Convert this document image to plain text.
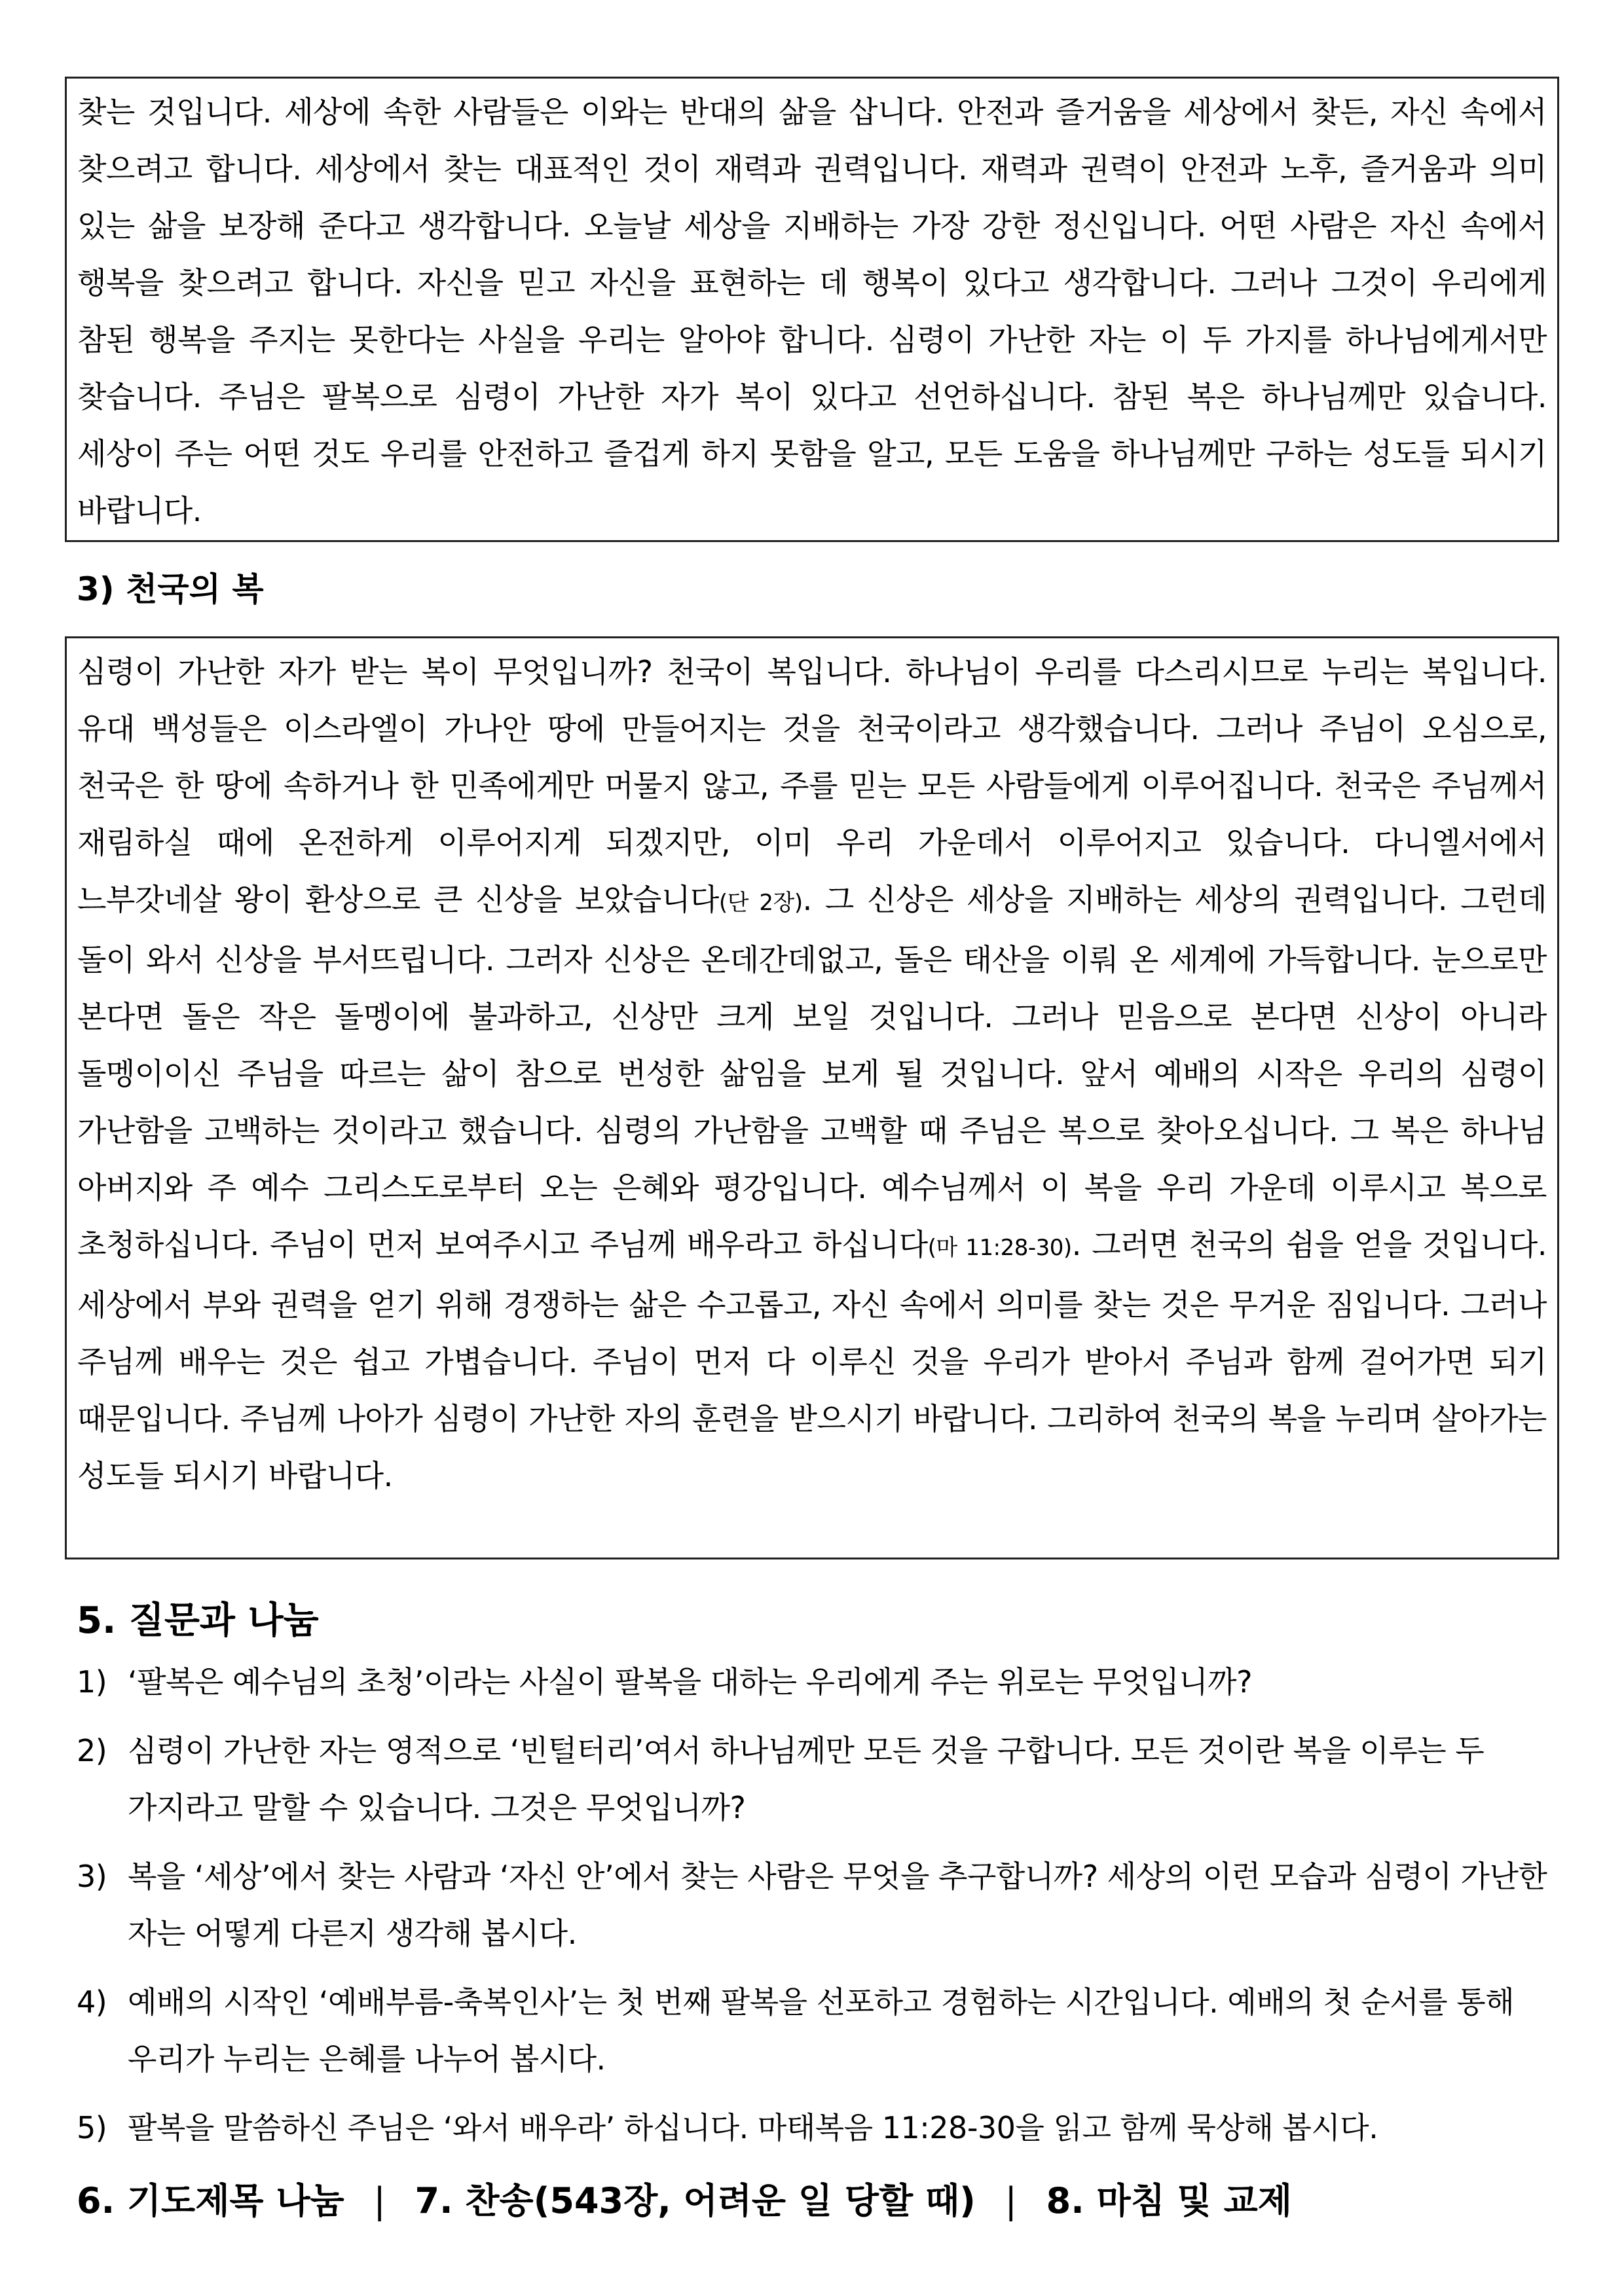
찾는 것입니다. 세상에 속한 사람들은 이와는 반대의 삶을 삽니다. 안전과 즐거움을 세상에서 찾든, 자신 속에서 찾으려고 합니다. 세상에서 찾는 대표적인 것이 재력과 권력입니다. 재력과 권력이 안전과 노후, 즐거움과 의미 있는 삶을 보장해 준다고 생각합니다. 오늘날 세상을 지배하는 가장 강한 정신입니다. 어떤 사람은 자신 속에서 행복을 찾으려고 합니다. 자신을 믿고 자신을 표현하는 데 행복이 있다고 생각합니다. 그러나 그것이 우리에게 참된 행복을 주지는 못한다는 사실을 우리는 알아야 합니다. 심령이 가난한 자는 이 두 가지를 하나님에게서만 찾습니다. 주님은 팔복으로 심령이 가난한 자가 복이 있다고 선언하십니다. 참된 복은 하나님께만 있습니다. 세상이 주는 어떤 것도 우리를 안전하고 즐겁게 하지 못함을 알고, 모든 도움을 하나님께만 구하는 성도들 되시기 바랍니다.
3) 천국의 복
심령이 가난한 자가 받는 복이 무엇입니까? 천국이 복입니다. 하나님이 우리를 다스리시므로 누리는 복입니다. 유대 백성들은 이스라엘이 가나안 땅에 만들어지는 것을 천국이라고 생각했습니다. 그러나 주님이 오심으로, 천국은 한 땅에 속하거나 한 민족에게만 머물지 않고, 주를 믿는 모든 사람들에게 이루어집니다. 천국은 주님께서 재림하실 때에 온전하게 이루어지게 되겠지만, 이미 우리 가운데서 이루어지고 있습니다. 다니엘서에서 느부갓네살 왕이 환상으로 큰 신상을 보았습니다(단 2장). 그 신상은 세상을 지배하는 세상의 권력입니다. 그런데 돌이 와서 신상을 부서뜨립니다. 그러자 신상은 온데간데없고, 돌은 태산을 이뤄 온 세계에 가득합니다. 눈으로만 본다면 돌은 작은 돌멩이에 불과하고, 신상만 크게 보일 것입니다. 그러나 믿음으로 본다면 신상이 아니라 돌멩이이신 주님을 따르는 삶이 참으로 번성한 삶임을 보게 될 것입니다. 앞서 예배의 시작은 우리의 심령이 가난함을 고백하는 것이라고 했습니다. 심령의 가난함을 고백할 때 주님은 복으로 찾아오십니다. 그 복은 하나님 아버지와 주 예수 그리스도로부터 오는 은혜와 평강입니다. 예수님께서 이 복을 우리 가운데 이루시고 복으로 초청하십니다. 주님이 먼저 보여주시고 주님께 배우라고 하십니다(마 11:28-30). 그러면 천국의 쉼을 얻을 것입니다. 세상에서 부와 권력을 얻기 위해 경쟁하는 삶은 수고롭고, 자신 속에서 의미를 찾는 것은 무거운 짐입니다. 그러나 주님께 배우는 것은 쉽고 가볍습니다. 주님이 먼저 다 이루신 것을 우리가 받아서 주님과 함께 걸어가면 되기 때문입니다. 주님께 나아가 심령이 가난한 자의 훈련을 받으시기 바랍니다. 그리하여 천국의 복을 누리며 살아가는 성도들 되시기 바랍니다.
5. 질문과 나눔
1) ‘팔복은 예수님의 초청’이라는 사실이 팔복을 대하는 우리에게 주는 위로는 무엇입니까?
2) 심령이 가난한 자는 영적으로 ‘빈털터리’여서 하나님께만 모든 것을 구합니다. 모든 것이란 복을 이루는 두 가지라고 말할 수 있습니다. 그것은 무엇입니까?
3) 복을 ‘세상’에서 찾는 사람과 ‘자신 안’에서 찾는 사람은 무엇을 추구합니까? 세상의 이런 모습과 심령이 가난한 자는 어떻게 다른지 생각해 봅시다.
4) 예배의 시작인 ‘예배부름-축복인사’는 첫 번째 팔복을 선포하고 경험하는 시간입니다. 예배의 첫 순서를 통해 우리가 누리는 은혜를 나누어 봅시다.
5) 팔복을 말씀하신 주님은 ‘와서 배우라’ 하십니다. 마태복음 11:28-30을 읽고 함께 묵상해 봅시다.
6. 기도제목 나눔 | 7. 찬송(543장, 어려운 일 당할 때) | 8. 마침 및 교제
